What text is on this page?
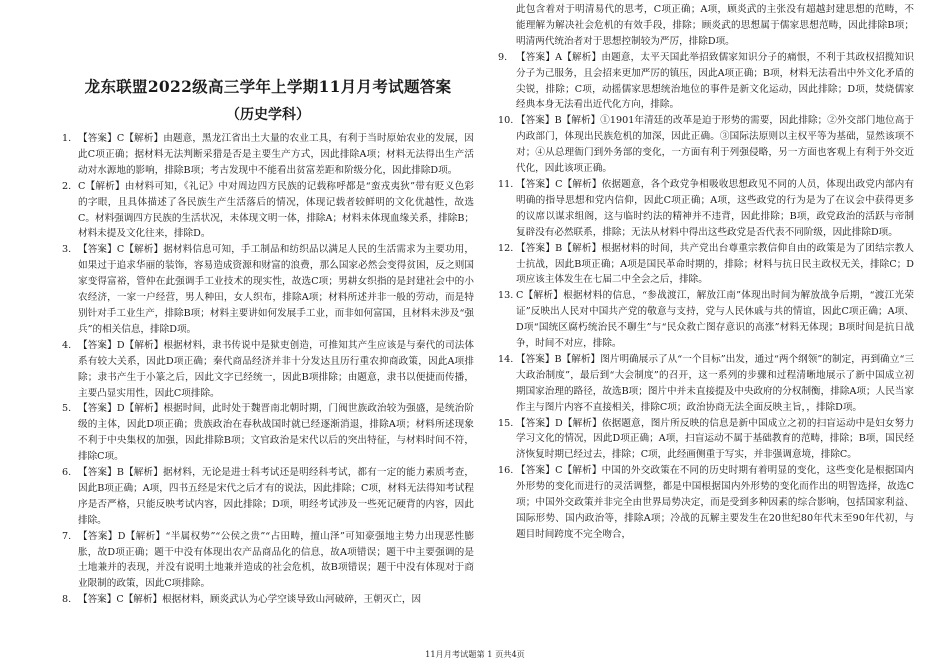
龙东联盟2022级高三学年上学期11月月考试题答案
（历史学科）
1. 【答案】C【解析】由题意，黑龙江省出土大量的农业工具，有利于当时原始农业的发展，因此C项正确；据材料无法判断采猎是否是主要生产方式，因此排除A项；材料无法得出生产活动对水源地的影响，排除B项；考古发现中不能看出贫富差距和阶级分化，因此排除D项。
2. C【解析】由材料可知，《礼记》中对周边四方民族的记载称呼都是“蛮戎夷狄”带有贬义色彩的字眼，且具体描述了各民族生产生活落后的情况，体现记载者较鲜明的文化优越性，故选C。材料强调四方民族的生活状况，未体现文明一体，排除A；材料未体现血缘关系，排除B；材料未提及文化往来，排除D。
3. 【答案】C【解析】据材料信息可知，手工制品和纺织品以满足人民的生活需求为主要功用，如果过于追求华丽的装饰，容易造成资源和财富的浪费，那么国家必然会变得贫困，反之则国家变得富裕，管仲在此强调手工业技术的现实性，故选C项；男耕女织指的是封建社会中的小农经济，一家一户经营，男人种田，女人织布，排除A项；材料所述并非一般的劳动，而是特别针对手工业生产，排除B项；材料主要讲如何发展手工业，而非如何富国，且材料未涉及“强兵”的相关信息，排除D项。
4. 【答案】D【解析】根据材料，隶书传说中是狱吏创造，可推知其产生应该是与秦代的司法体系有较大关系，因此D项正确；秦代商品经济并非十分发达且历行重农抑商政策，因此A项排除；隶书产生于小篆之后，因此文字已经统一，因此B项排除；由题意，隶书以便捷而传播，主要凸显实用性，因此C项排除。
5. 【答案】D【解析】根据时间，此时处于魏晋南北朝时期，门阀世族政治较为强盛，是统治阶级的主体，因此D项正确；贵族政治在春秋战国时就已经逐渐消退，排除A项；材料所述现象不利于中央集权的加强，因此排除B项；文官政治是宋代以后的突出特征，与材料时间不符，排除C项。
6. 【答案】B【解析】据材料，无论是进士科考试还是明经科考试，都有一定的能力素质考查，因此B项正确；A项，四书五经是宋代之后才有的说法，因此排除；C项，材料无法得知考试程序是否严格，只能反映考试内容，因此排除；D项，明经考试涉及一些死记硬背的内容，因此排除。
7. 【答案】D【解析】“半属权势”“公侯之贵”“占田畴，擅山泽”可知豪强地主势力出现恶性膨胀，故D项正确；题干中没有体现出农产品商品化的信息，故A项错误；题干中主要强调的是土地兼并的表现，并没有说明土地兼并造成的社会危机，故B项错误；题干中没有体现对于商业限制的政策，因此C项排除。
8. 【答案】C【解析】根据材料，顾炎武认为心学空谈导致山河破碎，王朝灭亡，因
此包含着对于明清易代的思考，C项正确；A项，顾炎武的主张没有超越封建思想的范畴，不能理解为解决社会危机的有效手段，排除；顾炎武的思想属于儒家思想范畴，因此排除B项；明清两代统治者对于思想控制较为严厉，排除D项。
9. 【答案】A【解析】由题意，太平天国此举招致儒家知识分子的痛恨，不利于其政权招揽知识分子为己服务，且会招来更加严厉的镇压，因此A项正确；B项，材料无法看出中外文化矛盾的尖锐，排除；C项，动摇儒家思想统治地位的事件是新文化运动，因此排除；D项，焚烧儒家经典本身无法看出近代化方向，排除。
10. 【答案】B【解析】①1901年清廷的改革是迫于形势的需要，因此排除；②外交部门地位高于内政部门，体现出民族危机的加深，因此正确。③国际法原则以主权平等为基础，显然该项不对；④从总理衙门到外务部的变化，一方面有利于列强侵略，另一方面也客观上有利于外交近代化，因此该项正确。
11. 【答案】C【解析】依据题意，各个政党争相吸收思想政见不同的人员，体现出政党内部内有明确的指导思想和党内信仰，因此C项正确；A项，这些政党的行为是为了在议会中获得更多的议席以谋求组阁，这与临时约法的精神并不违背，因此排除；B项，政党政治的活跃与帝制复辟没有必然联系，排除；无法从材料中得出这些政党是否代表不同阶级，因此排除D项。
12. 【答案】B【解析】根据材料的时间，共产党出台尊重宗教信仰自由的政策是为了团结宗教人士抗战，因此B项正确；A项是国民革命时期的，排除；材料与抗日民主政权无关，排除C；D项应该主体发生在七届二中全会之后，排除。
13. C【解析】根据材料的信息，“参战渡江，解放江南”体现出时间为解放战争后期，“渡江光荣证”反映出人民对中国共产党的敬意与支持，党与人民休戚与共的情谊，因此C项正确；A项、D项“国统区腐朽统治民不聊生”与“民众救亡图存意识的高涨”材料无体现；B项时间是抗日战争，时间不对应，排除。
14. 【答案】B【解析】图片明确展示了从“一个目标”出发，通过“两个纲领”的制定，再到确立“三大政治制度”，最后到“大会制度”的召开，这一系列的步骤和过程清晰地展示了新中国成立初期国家治理的路径，故选B项；图片中并未直接提及中央政府的分权制衡，排除A项；人民当家作主与图片内容不直接相关，排除C项；政治协商无法全面反映主旨，，排除D项。
15. 【答案】D【解析】依据题意，图片所反映的信息是新中国成立之初的扫盲运动中是妇女努力学习文化的情况，因此D项正确；A项，扫盲运动不属于基础教育的范畴，排除；B项，国民经济恢复时期已经过去，排除；C项，此经画侧重于写实，并非强调意境，排除C。
16. 【答案】C【解析】中国的外交政策在不同的历史时期有着明显的变化，这些变化是根据国内外形势的变化而进行的灵活调整，都是中国根据国内外形势的变化而作出的明智选择，故选C项；中国外交政策并非完全由世界局势决定，而是受到多种因素的综合影响，包括国家利益、国际形势、国内政治等，排除A项；冷战的瓦解主要发生在20世纪80年代末至90年代初，与题目时间跨度不完全吻合，
11月月考试题第 1 页共4页
